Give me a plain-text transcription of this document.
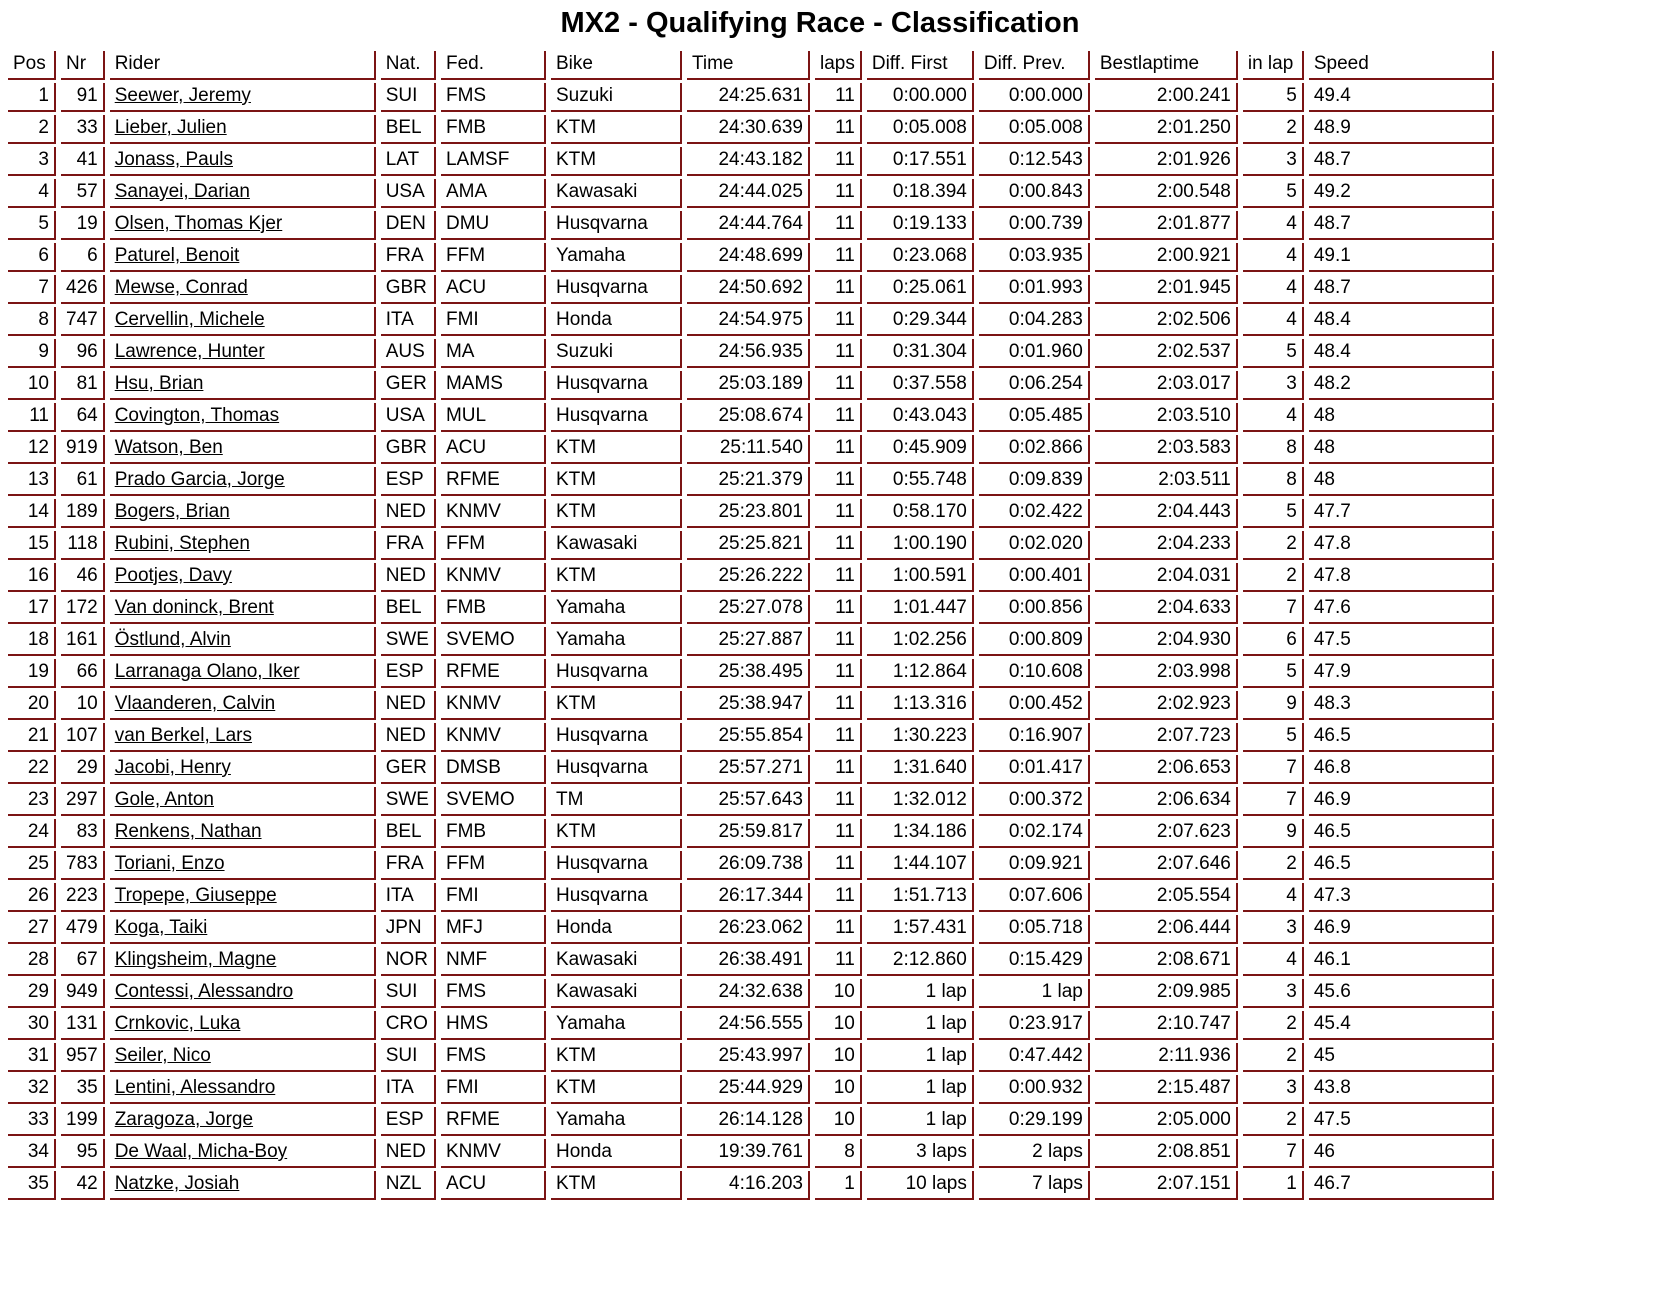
MX2 - Qualifying Race - Classification
Pos	Nr	Rider	Nat.	Fed.	Bike	Time	laps	Diff. First	Diff. Prev.	Bestlaptime	in lap	Speed
1	91	Seewer, Jeremy	SUI	FMS	Suzuki	24:25.631	11	0:00.000	0:00.000	2:00.241	5	49.4
2	33	Lieber, Julien	BEL	FMB	KTM	24:30.639	11	0:05.008	0:05.008	2:01.250	2	48.9
3	41	Jonass, Pauls	LAT	LAMSF	KTM	24:43.182	11	0:17.551	0:12.543	2:01.926	3	48.7
4	57	Sanayei, Darian	USA	AMA	Kawasaki	24:44.025	11	0:18.394	0:00.843	2:00.548	5	49.2
5	19	Olsen, Thomas Kjer	DEN	DMU	Husqvarna	24:44.764	11	0:19.133	0:00.739	2:01.877	4	48.7
6	6	Paturel, Benoit	FRA	FFM	Yamaha	24:48.699	11	0:23.068	0:03.935	2:00.921	4	49.1
7	426	Mewse, Conrad	GBR	ACU	Husqvarna	24:50.692	11	0:25.061	0:01.993	2:01.945	4	48.7
8	747	Cervellin, Michele	ITA	FMI	Honda	24:54.975	11	0:29.344	0:04.283	2:02.506	4	48.4
9	96	Lawrence, Hunter	AUS	MA	Suzuki	24:56.935	11	0:31.304	0:01.960	2:02.537	5	48.4
10	81	Hsu, Brian	GER	MAMS	Husqvarna	25:03.189	11	0:37.558	0:06.254	2:03.017	3	48.2
11	64	Covington, Thomas	USA	MUL	Husqvarna	25:08.674	11	0:43.043	0:05.485	2:03.510	4	48
12	919	Watson, Ben	GBR	ACU	KTM	25:11.540	11	0:45.909	0:02.866	2:03.583	8	48
13	61	Prado Garcia, Jorge	ESP	RFME	KTM	25:21.379	11	0:55.748	0:09.839	2:03.511	8	48
14	189	Bogers, Brian	NED	KNMV	KTM	25:23.801	11	0:58.170	0:02.422	2:04.443	5	47.7
15	118	Rubini, Stephen	FRA	FFM	Kawasaki	25:25.821	11	1:00.190	0:02.020	2:04.233	2	47.8
16	46	Pootjes, Davy	NED	KNMV	KTM	25:26.222	11	1:00.591	0:00.401	2:04.031	2	47.8
17	172	Van doninck, Brent	BEL	FMB	Yamaha	25:27.078	11	1:01.447	0:00.856	2:04.633	7	47.6
18	161	Östlund, Alvin	SWE	SVEMO	Yamaha	25:27.887	11	1:02.256	0:00.809	2:04.930	6	47.5
19	66	Larranaga Olano, Iker	ESP	RFME	Husqvarna	25:38.495	11	1:12.864	0:10.608	2:03.998	5	47.9
20	10	Vlaanderen, Calvin	NED	KNMV	KTM	25:38.947	11	1:13.316	0:00.452	2:02.923	9	48.3
21	107	van Berkel, Lars	NED	KNMV	Husqvarna	25:55.854	11	1:30.223	0:16.907	2:07.723	5	46.5
22	29	Jacobi, Henry	GER	DMSB	Husqvarna	25:57.271	11	1:31.640	0:01.417	2:06.653	7	46.8
23	297	Gole, Anton	SWE	SVEMO	TM	25:57.643	11	1:32.012	0:00.372	2:06.634	7	46.9
24	83	Renkens, Nathan	BEL	FMB	KTM	25:59.817	11	1:34.186	0:02.174	2:07.623	9	46.5
25	783	Toriani, Enzo	FRA	FFM	Husqvarna	26:09.738	11	1:44.107	0:09.921	2:07.646	2	46.5
26	223	Tropepe, Giuseppe	ITA	FMI	Husqvarna	26:17.344	11	1:51.713	0:07.606	2:05.554	4	47.3
27	479	Koga, Taiki	JPN	MFJ	Honda	26:23.062	11	1:57.431	0:05.718	2:06.444	3	46.9
28	67	Klingsheim, Magne	NOR	NMF	Kawasaki	26:38.491	11	2:12.860	0:15.429	2:08.671	4	46.1
29	949	Contessi, Alessandro	SUI	FMS	Kawasaki	24:32.638	10	1 lap	1 lap	2:09.985	3	45.6
30	131	Crnkovic, Luka	CRO	HMS	Yamaha	24:56.555	10	1 lap	0:23.917	2:10.747	2	45.4
31	957	Seiler, Nico	SUI	FMS	KTM	25:43.997	10	1 lap	0:47.442	2:11.936	2	45
32	35	Lentini, Alessandro	ITA	FMI	KTM	25:44.929	10	1 lap	0:00.932	2:15.487	3	43.8
33	199	Zaragoza, Jorge	ESP	RFME	Yamaha	26:14.128	10	1 lap	0:29.199	2:05.000	2	47.5
34	95	De Waal, Micha-Boy	NED	KNMV	Honda	19:39.761	8	3 laps	2 laps	2:08.851	7	46
35	42	Natzke, Josiah	NZL	ACU	KTM	4:16.203	1	10 laps	7 laps	2:07.151	1	46.7
